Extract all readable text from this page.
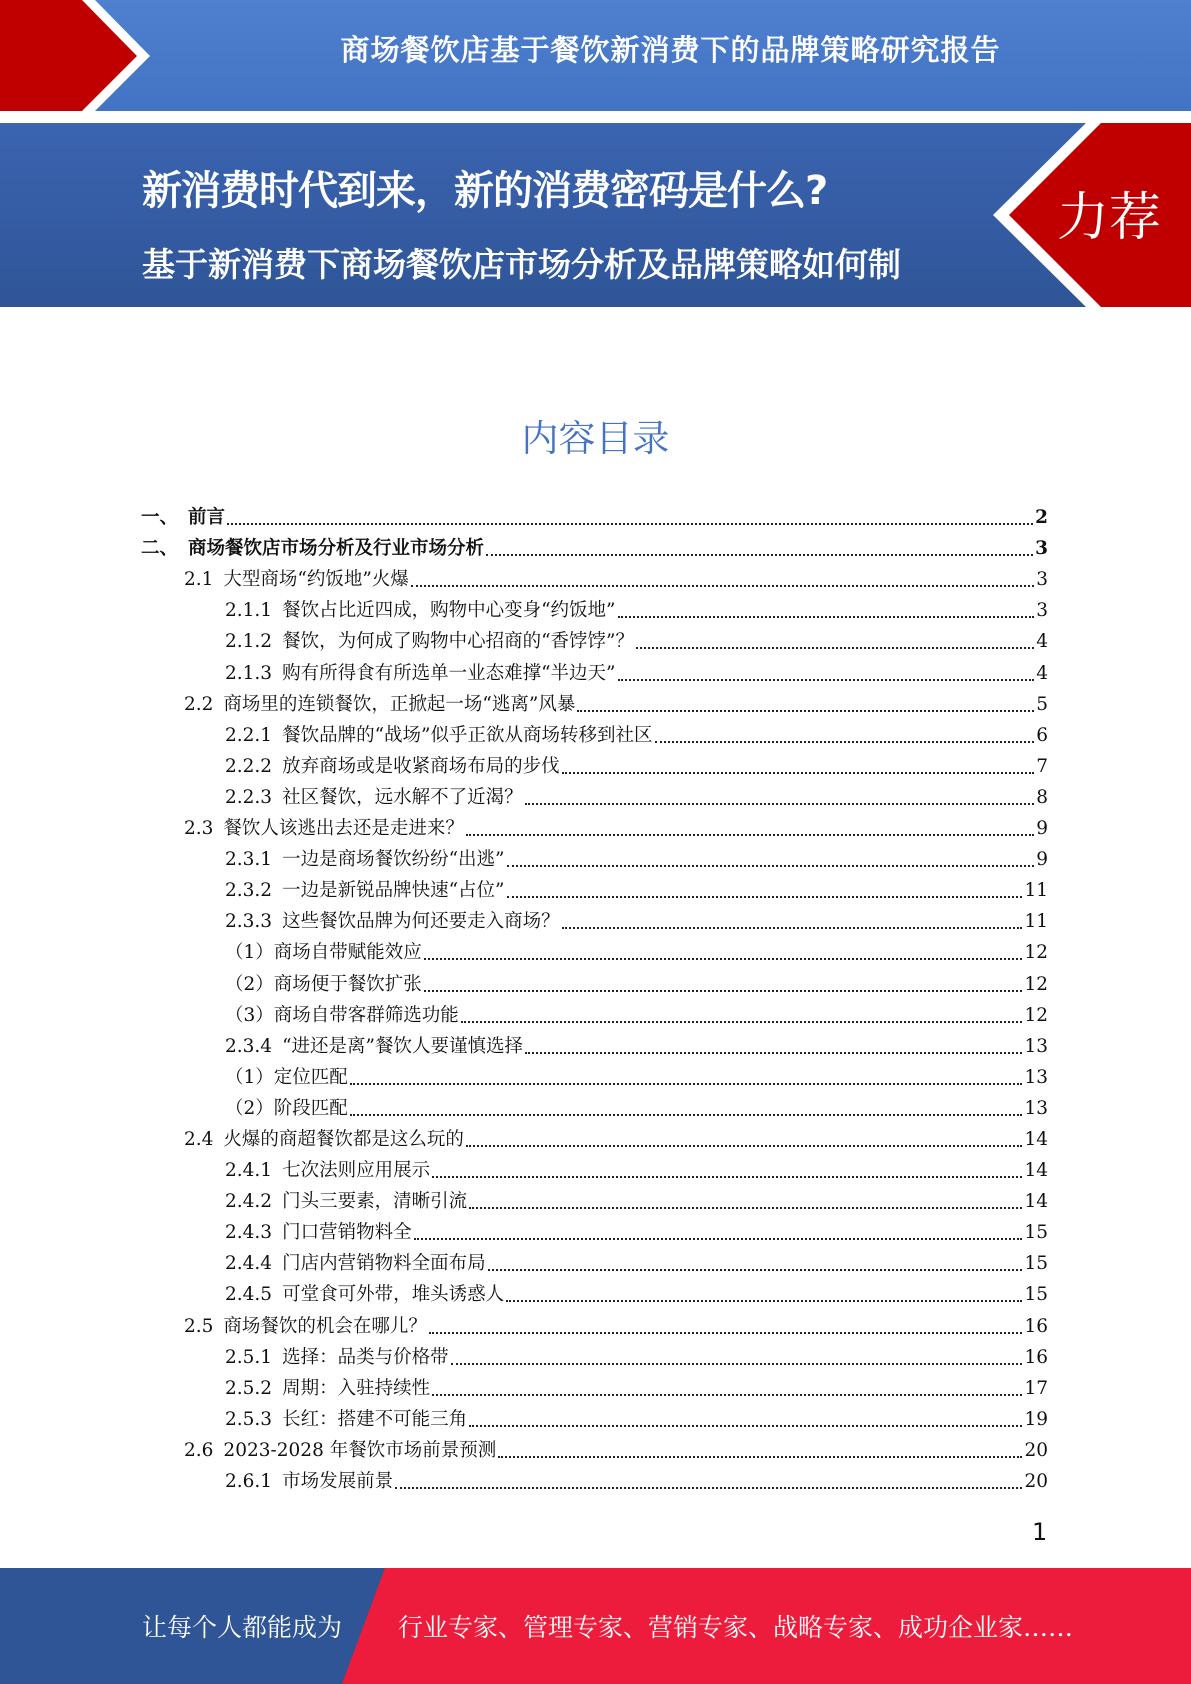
商场餐饮店基于餐饮新消费下的品牌策略研究报告
新消费时代到来，新的消费密码是什么?
基于新消费下商场餐饮店市场分析及品牌策略如何制定？？？
力荐
内容目录
一、 前言	2
二、 商场餐饮店市场分析及行业市场分析	3
2.1 大型商场“约饭地”火爆	3
2.1.1 餐饮占比近四成，购物中心变身“约饭地”	3
2.1.2 餐饮，为何成了购物中心招商的“香饽饽”？	4
2.1.3 购有所得食有所选单一业态难撑“半边天”	4
2.2 商场里的连锁餐饮，正掀起一场“逃离”风暴	5
2.2.1 餐饮品牌的“战场”似乎正欲从商场转移到社区	6
2.2.2 放弃商场或是收紧商场布局的步伐	7
2.2.3 社区餐饮，远水解不了近渴？	8
2.3 餐饮人该逃出去还是走进来？	9
2.3.1 一边是商场餐饮纷纷“出逃”	9
2.3.2 一边是新锐品牌快速“占位”	11
2.3.3 这些餐饮品牌为何还要走入商场？	11
（1） 商场自带赋能效应	12
（2） 商场便于餐饮扩张	12
（3） 商场自带客群筛选功能	12
2.3.4 “进还是离”餐饮人要谨慎选择	13
（1） 定位匹配	13
（2） 阶段匹配	13
2.4 火爆的商超餐饮都是这么玩的	14
2.4.1 七次法则应用展示	14
2.4.2 门头三要素，清晰引流	14
2.4.3 门口营销物料全	15
2.4.4 门店内营销物料全面布局	15
2.4.5 可堂食可外带，堆头诱惑人	15
2.5 商场餐饮的机会在哪儿？	16
2.5.1 选择：品类与价格带	16
2.5.2 周期：入驻持续性	17
2.5.3 长红：搭建不可能三角	19
2.6 2023-2028 年餐饮市场前景预测	20
2.6.1 市场发展前景	20
1
让每个人都能成为 行业专家、管理专家、营销专家、战略专家、成功企业家……
